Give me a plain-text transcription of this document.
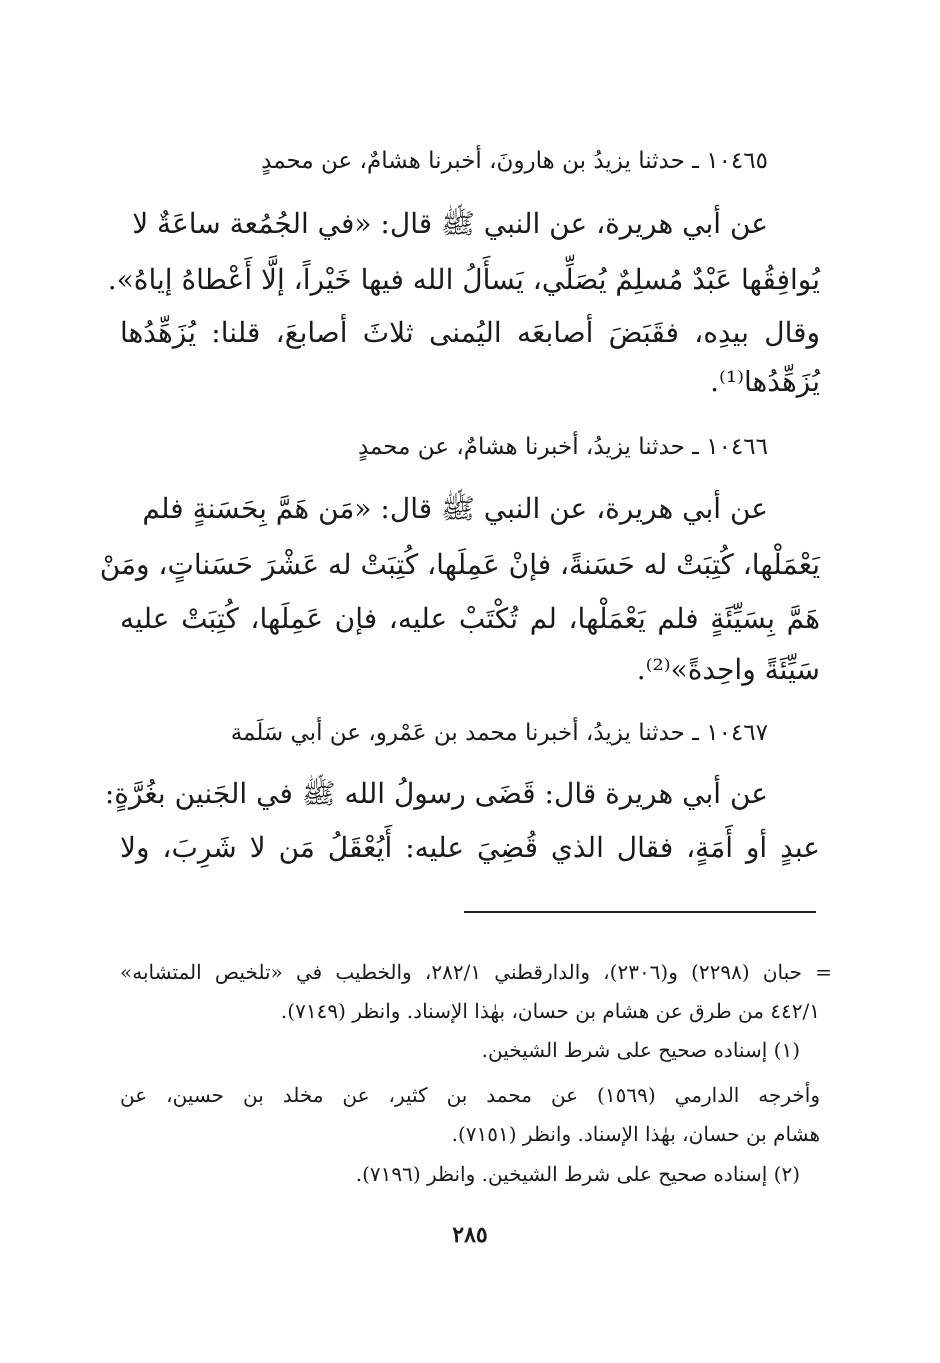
١٠٤٦٥ ـ حدثنا يزيدُ بن هارونَ، أخبرنا هشامٌ، عن محمدٍ
عن أبي هريرة، عن النبي ﷺ قال: «في الجُمُعة ساعَةٌ لا
يُوافِقُها عَبْدٌ مُسلِمٌ يُصَلِّي، يَسأَلُ الله فيها خَيْراً، إلَّا أَعْطاهُ إياهُ».
وقال بيدِه، فقَبَضَ أصابعَه اليُمنى ثلاثَ أصابعَ، قلنا: يُزَهِّدُها
يُزَهِّدُها⁽¹⁾.
١٠٤٦٦ ـ حدثنا يزيدُ، أخبرنا هشامٌ، عن محمدٍ
عن أبي هريرة، عن النبي ﷺ قال: «مَن هَمَّ بِحَسَنةٍ فلم
يَعْمَلْها، كُتِبَتْ له حَسَنةً، فإنْ عَمِلَها، كُتِبَتْ له عَشْرَ حَسَناتٍ، ومَنْ
هَمَّ بِسَيِّئَةٍ فلم يَعْمَلْها، لم تُكْتَبْ عليه، فإن عَمِلَها، كُتِبَتْ عليه
سَيِّئَةً واحِدةً»⁽²⁾.
١٠٤٦٧ ـ حدثنا يزيدُ، أخبرنا محمد بن عَمْرو، عن أبي سَلَمة
عن أبي هريرة قال: قَضَى رسولُ الله ﷺ في الجَنين بغُرَّةٍ:
عبدٍ أو أَمَةٍ، فقال الذي قُضِيَ عليه: أَيُعْقَلُ مَن لا شَرِبَ، ولا
= حبان (٢٢٩٨) و(٢٣٠٦)، والدارقطني ٢٨٢/١، والخطيب في «تلخيص المتشابه»
٤٤٢/١ من طرق عن هشام بن حسان، بهٰذا الإسناد. وانظر (٧١٤٩).
(١) إسناده صحيح على شرط الشيخين.
وأخرجه الدارمي (١٥٦٩) عن محمد بن كثير، عن مخلد بن حسين، عن
هشام بن حسان، بهٰذا الإسناد. وانظر (٧١٥١).
(٢) إسناده صحيح على شرط الشيخين. وانظر (٧١٩٦).
٢٨٥
